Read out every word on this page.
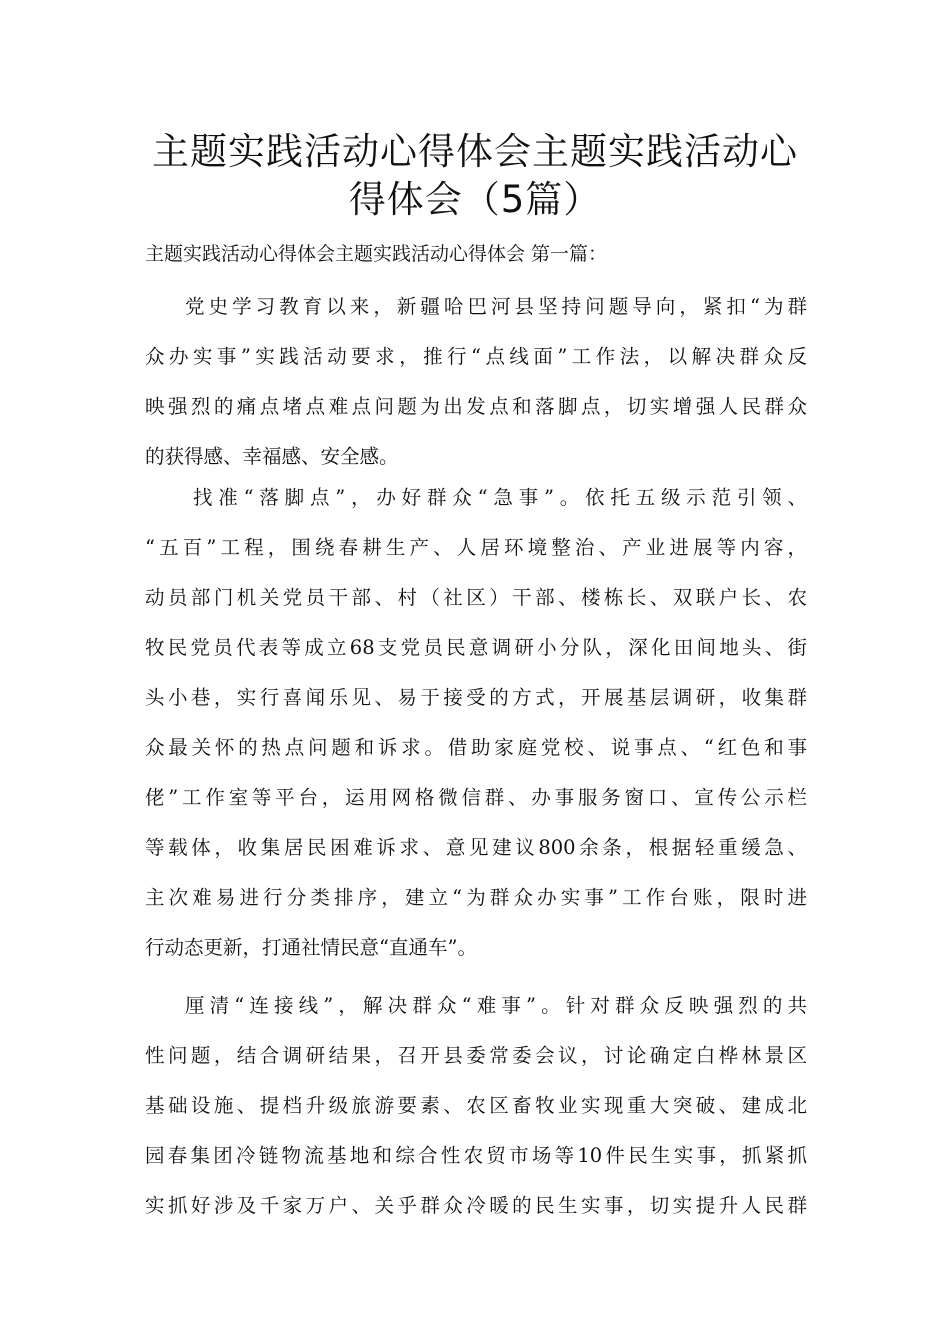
主题实践活动心得体会主题实践活动心
得体会（5篇）
主题实践活动心得体会主题实践活动心得体会 第一篇：
党史学习教育以来，新疆哈巴河县坚持问题导向，紧扣“为群
众办实事”实践活动要求，推行“点线面”工作法，以解决群众反
映强烈的痛点堵点难点问题为出发点和落脚点，切实增强人民群众
的获得感、幸福感、安全感。
找准“落脚点”，办好群众“急事”。依托五级示范引领、
“五百”工程，围绕春耕生产、人居环境整治、产业进展等内容，
动员部门机关党员干部、村（社区）干部、楼栋长、双联户长、农
牧民党员代表等成立68支党员民意调研小分队，深化田间地头、街
头小巷，实行喜闻乐见、易于接受的方式，开展基层调研，收集群
众最关怀的热点问题和诉求。借助家庭党校、说事点、“红色和事
佬”工作室等平台，运用网格微信群、办事服务窗口、宣传公示栏
等载体，收集居民困难诉求、意见建议800余条，根据轻重缓急、
主次难易进行分类排序，建立“为群众办实事”工作台账，限时进
行动态更新，打通社情民意“直通车”。
厘清“连接线”，解决群众“难事”。针对群众反映强烈的共
性问题，结合调研结果，召开县委常委会议，讨论确定白桦林景区
基础设施、提档升级旅游要素、农区畜牧业实现重大突破、建成北
园春集团冷链物流基地和综合性农贸市场等10件民生实事，抓紧抓
实抓好涉及千家万户、关乎群众冷暖的民生实事，切实提升人民群
